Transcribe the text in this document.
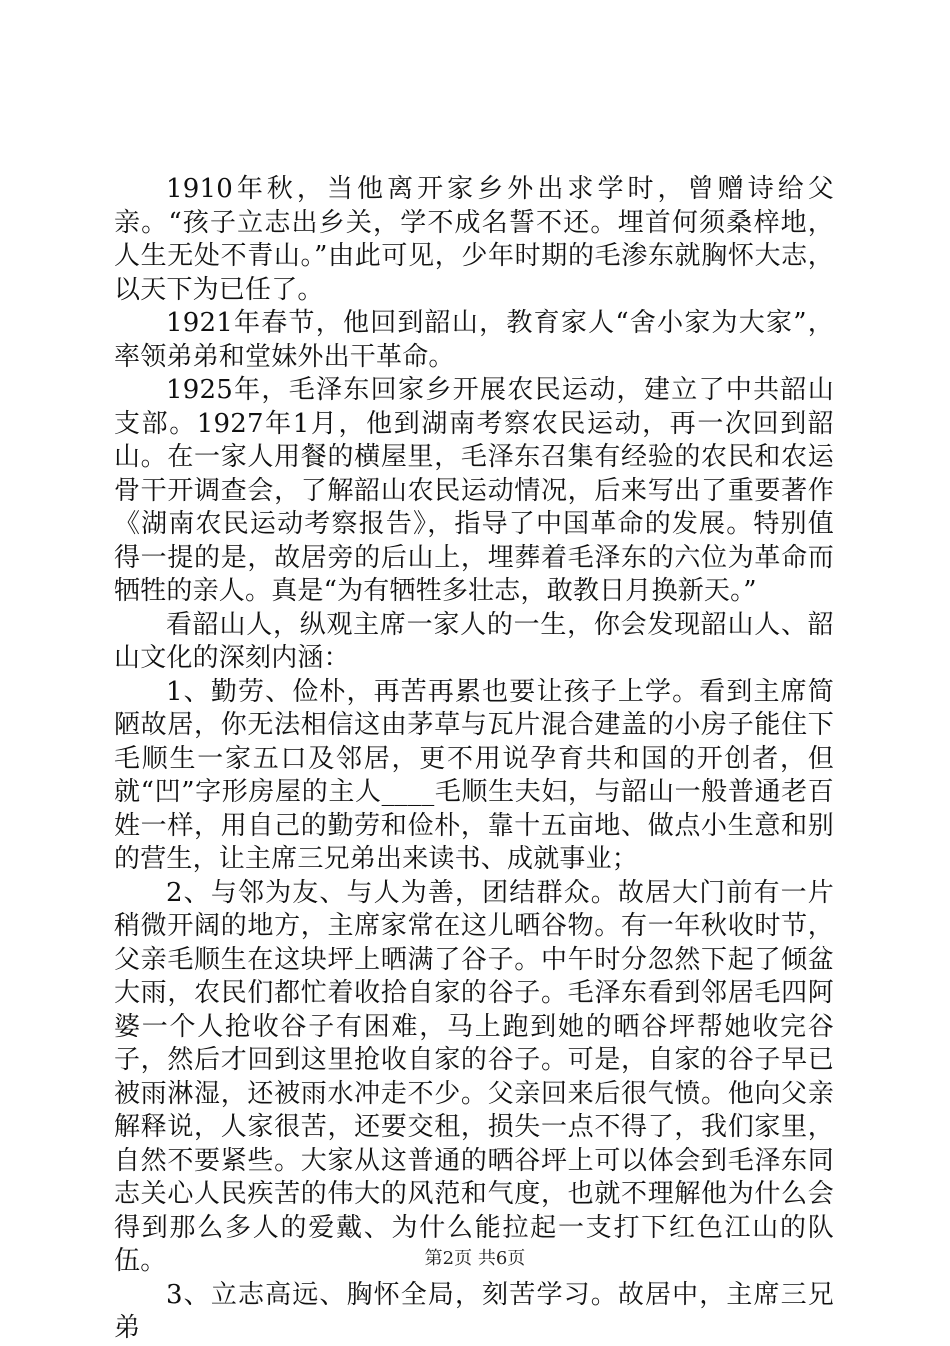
1910年秋，当他离开家乡外出求学时，曾赠诗给父亲。“孩子立志出乡关，学不成名誓不还。埋首何须桑梓地，人生无处不青山。”由此可见，少年时期的毛渗东就胸怀大志，以天下为已任了。

1921年春节，他回到韶山，教育家人“舍小家为大家”，率领弟弟和堂妹外出干革命。

1925年，毛泽东回家乡开展农民运动，建立了中共韶山支部。1927年1月，他到湖南考察农民运动，再一次回到韶山。在一家人用餐的横屋里，毛泽东召集有经验的农民和农运骨干开调查会，了解韶山农民运动情况，后来写出了重要著作《湖南农民运动考察报告》，指导了中国革命的发展。特别值得一提的是，故居旁的后山上，埋葬着毛泽东的六位为革命而牺牲的亲人。真是“为有牺牲多壮志，敢教日月换新天。”

看韶山人，纵观主席一家人的一生，你会发现韶山人、韶山文化的深刻内涵：

1、勤劳、俭朴，再苦再累也要让孩子上学。看到主席简陋故居，你无法相信这由茅草与瓦片混合建盖的小房子能住下毛顺生一家五口及邻居，更不用说孕育共和国的开创者，但就“凹”字形房屋的主人____毛顺生夫妇，与韶山一般普通老百姓一样，用自己的勤劳和俭朴，靠十五亩地、做点小生意和别的营生，让主席三兄弟出来读书、成就事业；

2、与邻为友、与人为善，团结群众。故居大门前有一片稍微开阔的地方，主席家常在这儿晒谷物。有一年秋收时节，父亲毛顺生在这块坪上晒满了谷子。中午时分忽然下起了倾盆大雨，农民们都忙着收拾自家的谷子。毛泽东看到邻居毛四阿婆一个人抢收谷子有困难，马上跑到她的晒谷坪帮她收完谷子，然后才回到这里抢收自家的谷子。可是，自家的谷子早已被雨淋湿，还被雨水冲走不少。父亲回来后很气愤。他向父亲解释说，人家很苦，还要交租，损失一点不得了，我们家里，自然不要紧些。大家从这普通的晒谷坪上可以体会到毛泽东同志关心人民疾苦的伟大的风范和气度，也就不理解他为什么会得到那么多人的爱戴、为什么能拉起一支打下红色江山的队伍。

3、立志高远、胸怀全局，刻苦学习。故居中，主席三兄弟

第2页 共6页
